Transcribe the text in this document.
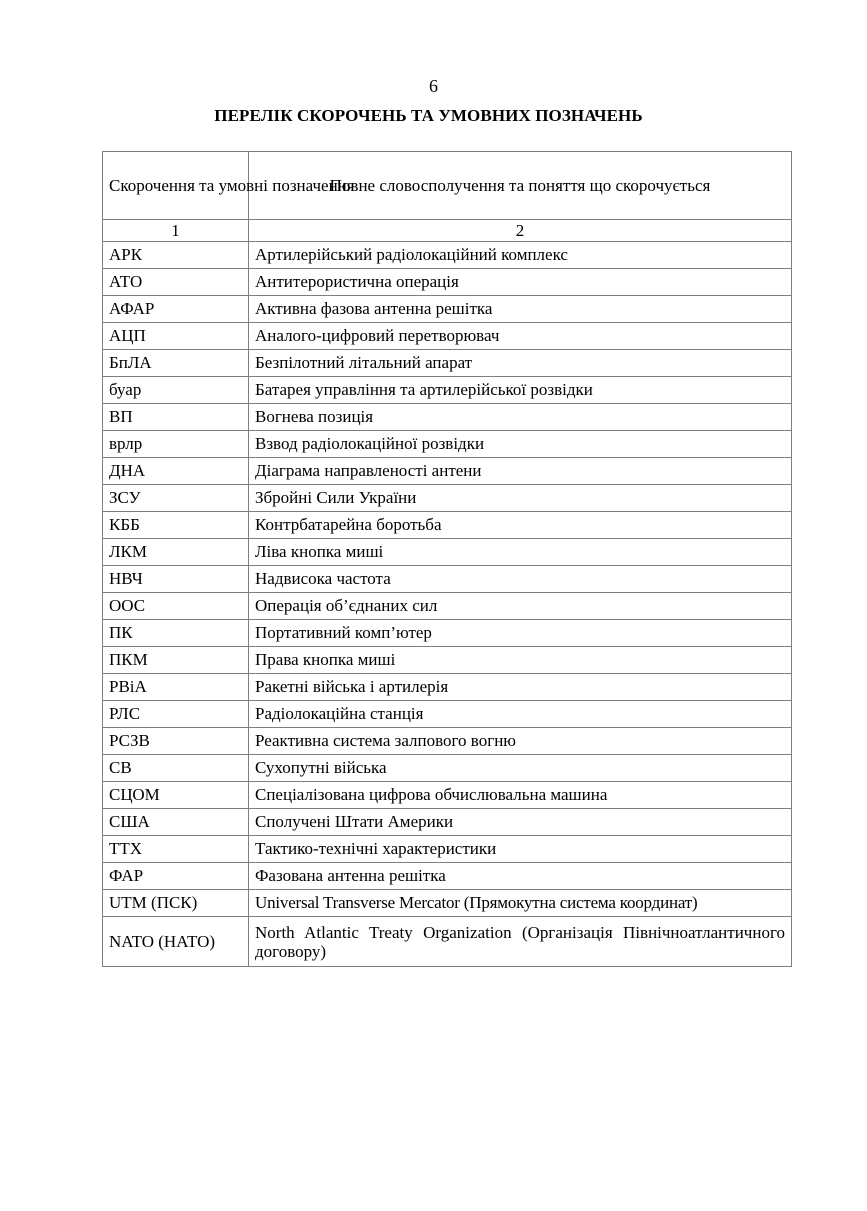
6
ПЕРЕЛІК СКОРОЧЕНЬ ТА УМОВНИХ ПОЗНАЧЕНЬ
Скорочення та умовні позначення	Повне словосполучення та поняття що скорочується
1	2
АРК	Артилерійський радіолокаційний комплекс
АТО	Антитерористична операція
АФАР	Активна фазова антенна решітка
АЦП	Аналого-цифровий перетворювач
БпЛА	Безпілотний літальний апарат
буар	Батарея управління та артилерійської розвідки
ВП	Вогнева позиція
врлр	Взвод радіолокаційної розвідки
ДНА	Діаграма направленості антени
ЗСУ	Збройні Сили України
КББ	Контрбатарейна боротьба
ЛКМ	Ліва кнопка миші
НВЧ	Надвисока частота
ООС	Операція об’єднаних сил
ПК	Портативний комп’ютер
ПКМ	Права кнопка миші
РВіА	Ракетні війська і артилерія
РЛС	Радіолокаційна станція
РСЗВ	Реактивна система залпового вогню
СВ	Сухопутні війська
СЦОМ	Спеціалізована цифрова обчислювальна машина
США	Сполучені Штати Америки
ТТХ	Тактико-технічні характеристики
ФАР	Фазована антенна решітка
UTM (ПСК)	Universal Transverse Mercator (Прямокутна система координат)
NATO (НАТО)	North Atlantic Treaty Organization (Організація Північноатлантичного договору)
